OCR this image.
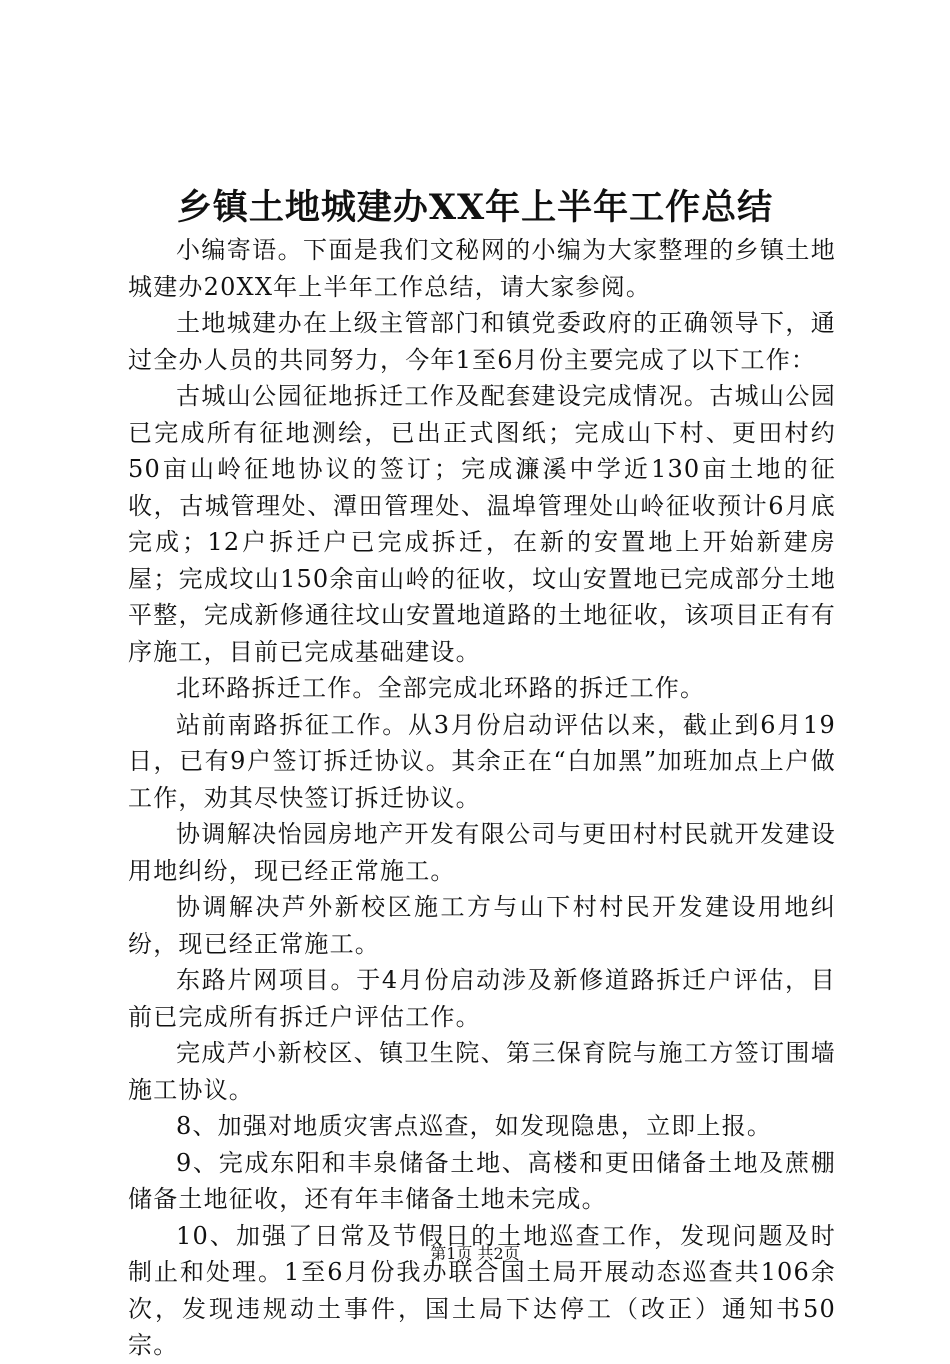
乡镇土地城建办XX年上半年工作总结

小编寄语。下面是我们文秘网的小编为大家整理的乡镇土地城建办20XX年上半年工作总结，请大家参阅。

土地城建办在上级主管部门和镇党委政府的正确领导下，通过全办人员的共同努力，今年1至6月份主要完成了以下工作：

古城山公园征地拆迁工作及配套建设完成情况。古城山公园已完成所有征地测绘，已出正式图纸；完成山下村、更田村约50亩山岭征地协议的签订；完成濂溪中学近130亩土地的征收，古城管理处、潭田管理处、温埠管理处山岭征收预计6月底完成；12户拆迁户已完成拆迁，在新的安置地上开始新建房屋；完成坟山150余亩山岭的征收，坟山安置地已完成部分土地平整，完成新修通往坟山安置地道路的土地征收，该项目正有有序施工，目前已完成基础建设。

北环路拆迁工作。全部完成北环路的拆迁工作。

站前南路拆征工作。从3月份启动评估以来，截止到6月19日，已有9户签订拆迁协议。其余正在“白加黑”加班加点上户做工作，劝其尽快签订拆迁协议。

协调解决怡园房地产开发有限公司与更田村村民就开发建设用地纠纷，现已经正常施工。

协调解决芦外新校区施工方与山下村村民开发建设用地纠纷，现已经正常施工。

东路片网项目。于4月份启动涉及新修道路拆迁户评估，目前已完成所有拆迁户评估工作。

完成芦小新校区、镇卫生院、第三保育院与施工方签订围墙施工协议。

8、加强对地质灾害点巡查，如发现隐患，立即上报。

9、完成东阳和丰泉储备土地、高楼和更田储备土地及蔗棚储备土地征收，还有年丰储备土地未完成。

10、加强了日常及节假日的土地巡查工作，发现问题及时制止和处理。1至6月份我办联合国土局开展动态巡查共106余次，发现违规动土事件，国土局下达停工（改正）通知书50宗。

第1页 共2页
